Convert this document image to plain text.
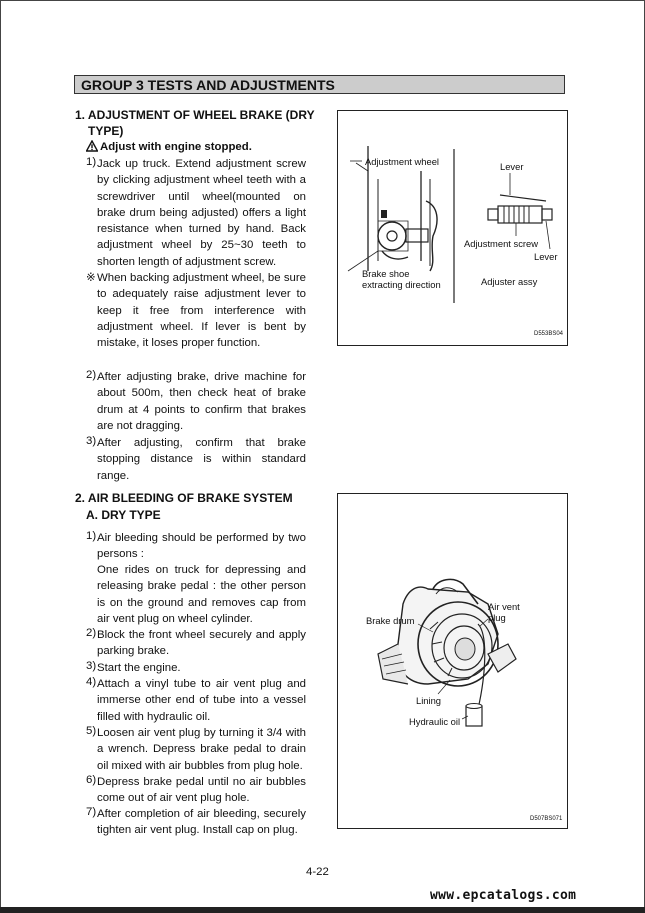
GROUP 3 TESTS AND ADJUSTMENTS
1. ADJUSTMENT OF WHEEL BRAKE (DRY
TYPE)
Adjust with engine stopped.
1) Jack up truck. Extend adjustment screw by clicking adjustment wheel teeth with a screwdriver until wheel(mounted on brake drum being adjusted) offers a light resistance when turned by hand. Back adjustment wheel by 25~30 teeth to shorten length of adjustment screw.
※ When backing adjustment wheel, be sure to adequately raise adjustment lever to keep it free from interference with adjustment wheel. If lever is bent by mistake, it loses proper function.
2) After adjusting brake, drive machine for about 500m, then check heat of brake drum at 4 points to confirm that brakes are not dragging.
3) After adjusting, confirm that brake stopping distance is within standard range.
Adjustment wheel	Lever
Adjustment screw
Lever
Brake shoe
extracting direction	Adjuster assy
D553BS04
2. AIR BLEEDING OF BRAKE SYSTEM
A. DRY TYPE
1) Air bleeding should be performed by two persons :
One rides on truck for depressing and releasing brake pedal : the other person is on the ground and removes cap from air vent plug on wheel cylinder.
2) Block the front wheel securely and apply parking brake.
3) Start the engine.
4) Attach a vinyl tube to air vent plug and immerse other end of tube into a vessel filled with hydraulic oil.
5) Loosen air vent plug by turning it 3/4 with a wrench. Depress brake pedal to drain oil mixed with air bubbles from plug hole.
6) Depress brake pedal until no air bubbles come out of air vent plug hole.
7) After completion of air bleeding, securely tighten air vent plug. Install cap on plug.
Brake drum
Air vent
plug
Lining
Hydraulic oil
D507BS071
4-22
www.epcatalogs.com
